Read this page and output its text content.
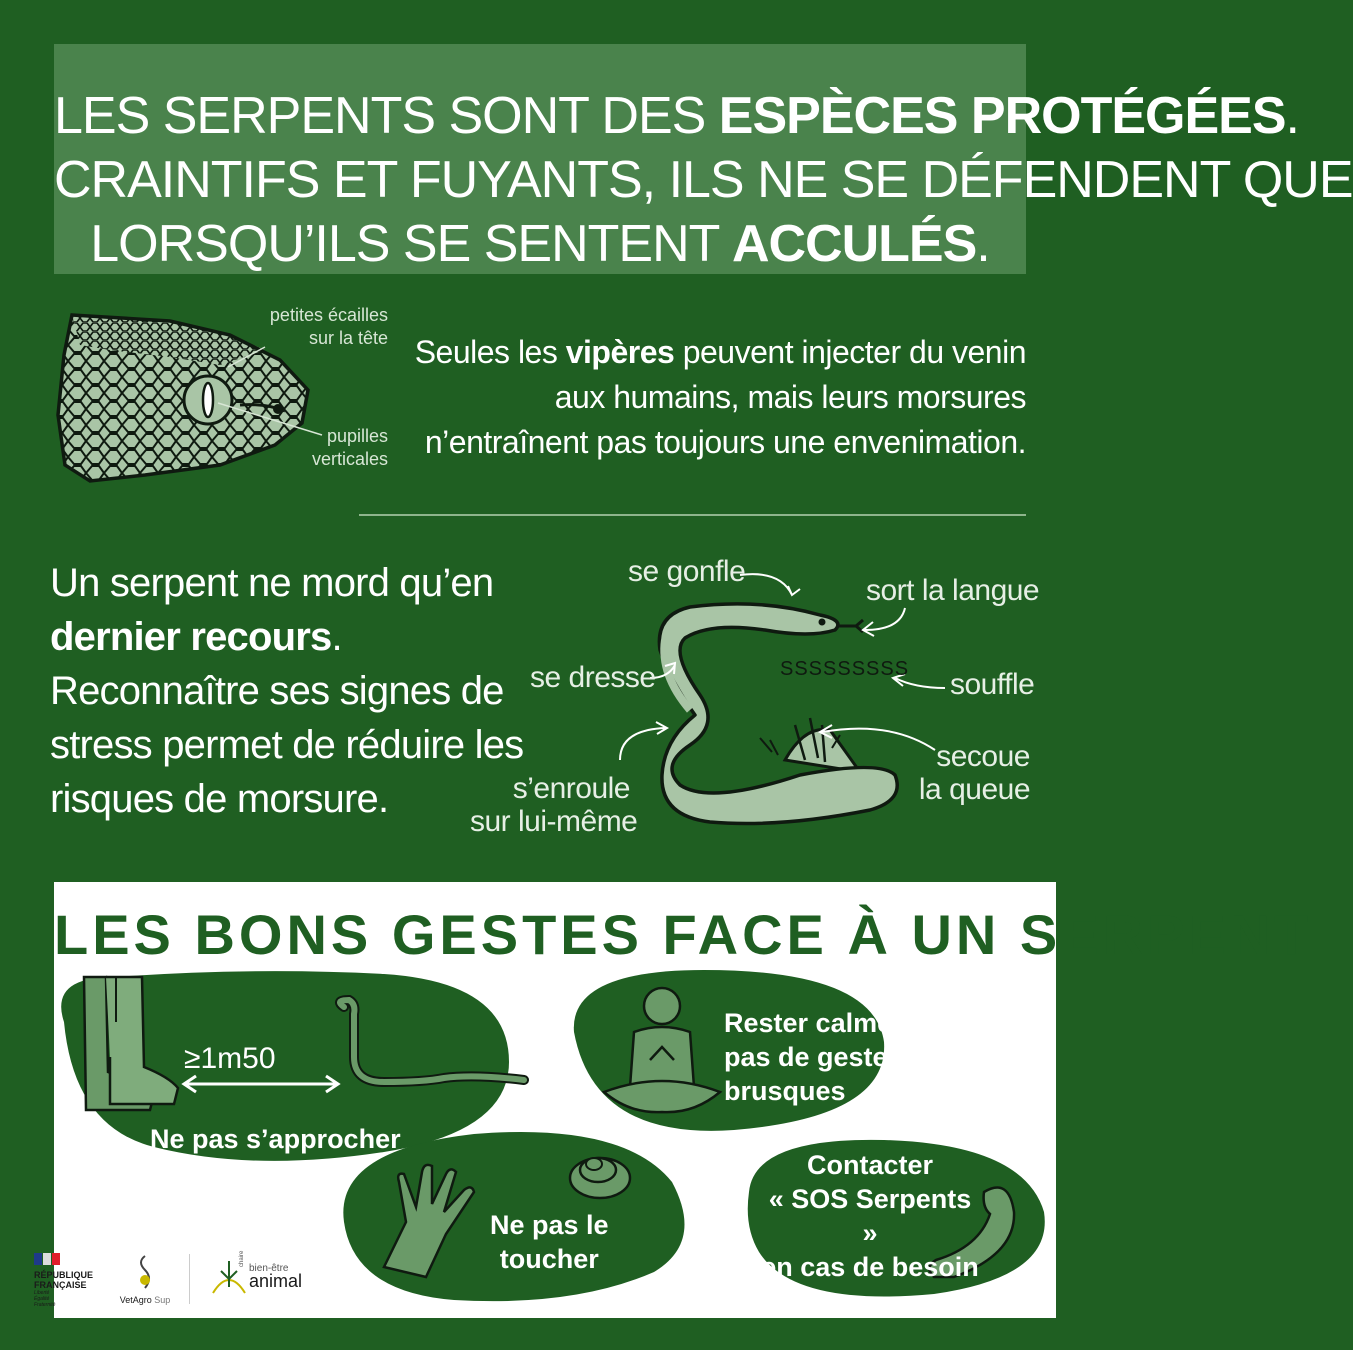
LES SERPENTS SONT DES ESPÈCES PROTÉGÉES.
CRAINTIFS ET FUYANTS, ILS NE SE DÉFENDENT QUE
LORSQU’ILS SE SENTENT ACCULÉS.
petites écailles
sur la tête
pupilles
verticales
Seules les vipères peuvent injecter du venin aux humains, mais leurs morsures n’entraînent pas toujours une envenimation.
Un serpent ne mord qu’en dernier recours. Reconnaître ses signes de stress permet de réduire les risques de morsure.
se gonfle
sort la langue
se dresse	SSSSSSSSS souffle
s’enroule
sur lui-même
secoue
la queue
LES BONS GESTES FACE À UN SERPENT
≥1m50
Ne pas s’approcher
Rester calme,
pas de gestes
brusques
Ne pas le
toucher
Contacter
« SOS Serpents »
en cas de besoin
RÉPUBLIQUE
FRANÇAISE
Liberté
Égalité
Fraternité	VetAgro Sup
chaire
bien-être
animal
